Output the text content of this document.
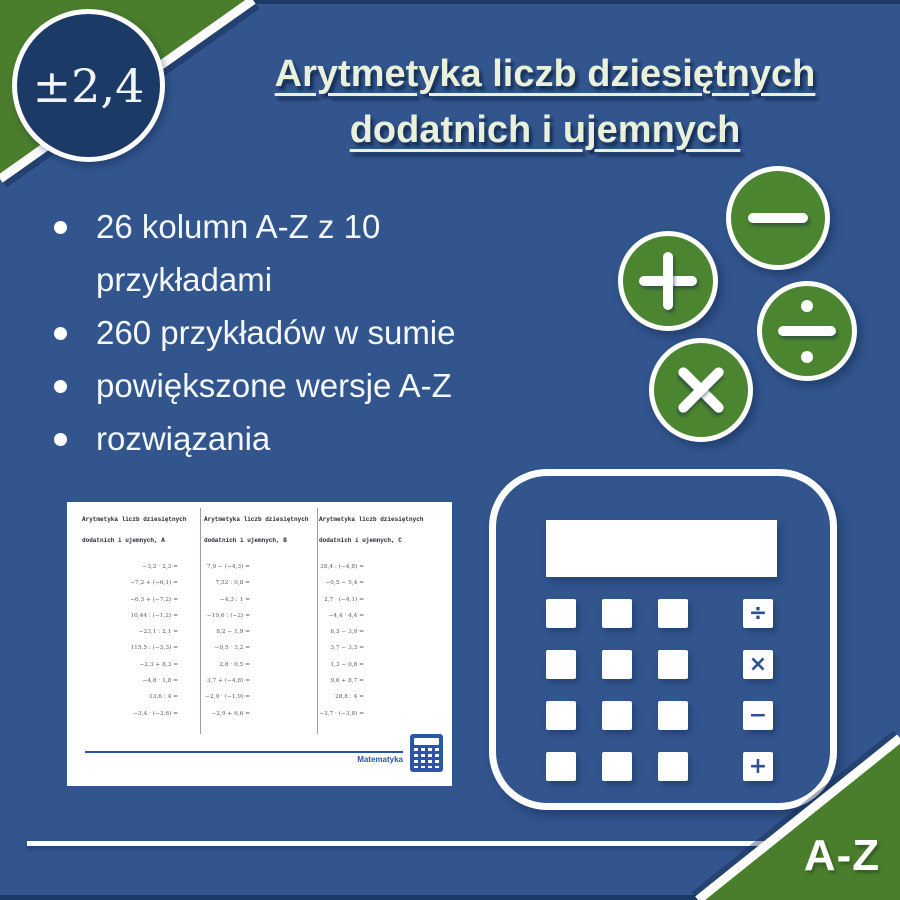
±2,4	Arytmetyka liczb dziesiętnych
dodatnich i ujemnych
26 kolumn A-Z z 10 przykładami
260 przykładów w sumie
powiększone wersje A-Z
rozwiązania
Arytmetyka liczb dziesiętnych
dodatnich i ujemnych, A
Arytmetyka liczb dziesiętnych
dodatnich i ujemnych, B
Arytmetyka liczb dziesiętnych
dodatnich i ujemnych, C
−3,2 · 2,3 =
−7,2 + (−6,1) =
−6,3 + (−7,2) =
10,44 : (−1,2) =
−23,1 : 2,1 =
115,5 : (−3,3) =
−2,3 + 8,3 =
−4,8 · 1,8 =
13,6 : 4 =
−3,4 · (−3,6) =
7,9 − (−4,3) =
7,52 : 0,8 =
−4,3 : 1 =
−19,6 : (−2) =
8,2 − 1,9 =
−0,5 · 3,2 =
2,8 · 0,5 =
3,7 + (−4,8) =
−2,9 · (−1,9) =
−2,9 + 6,6 =
38,4 : (−4,8) =
−0,5 − 5,4 =
2,7 · (−4,1) =
−4,4 · 4,4 =
6,3 − 3,9 =
3,7 − 3,3 =
1,3 − 0,8 =
9,6 + 8,7 =
28,8 : 4 =
−3,7 · (−3,8) =
Matematyka
÷
×
−
+
A-Z
